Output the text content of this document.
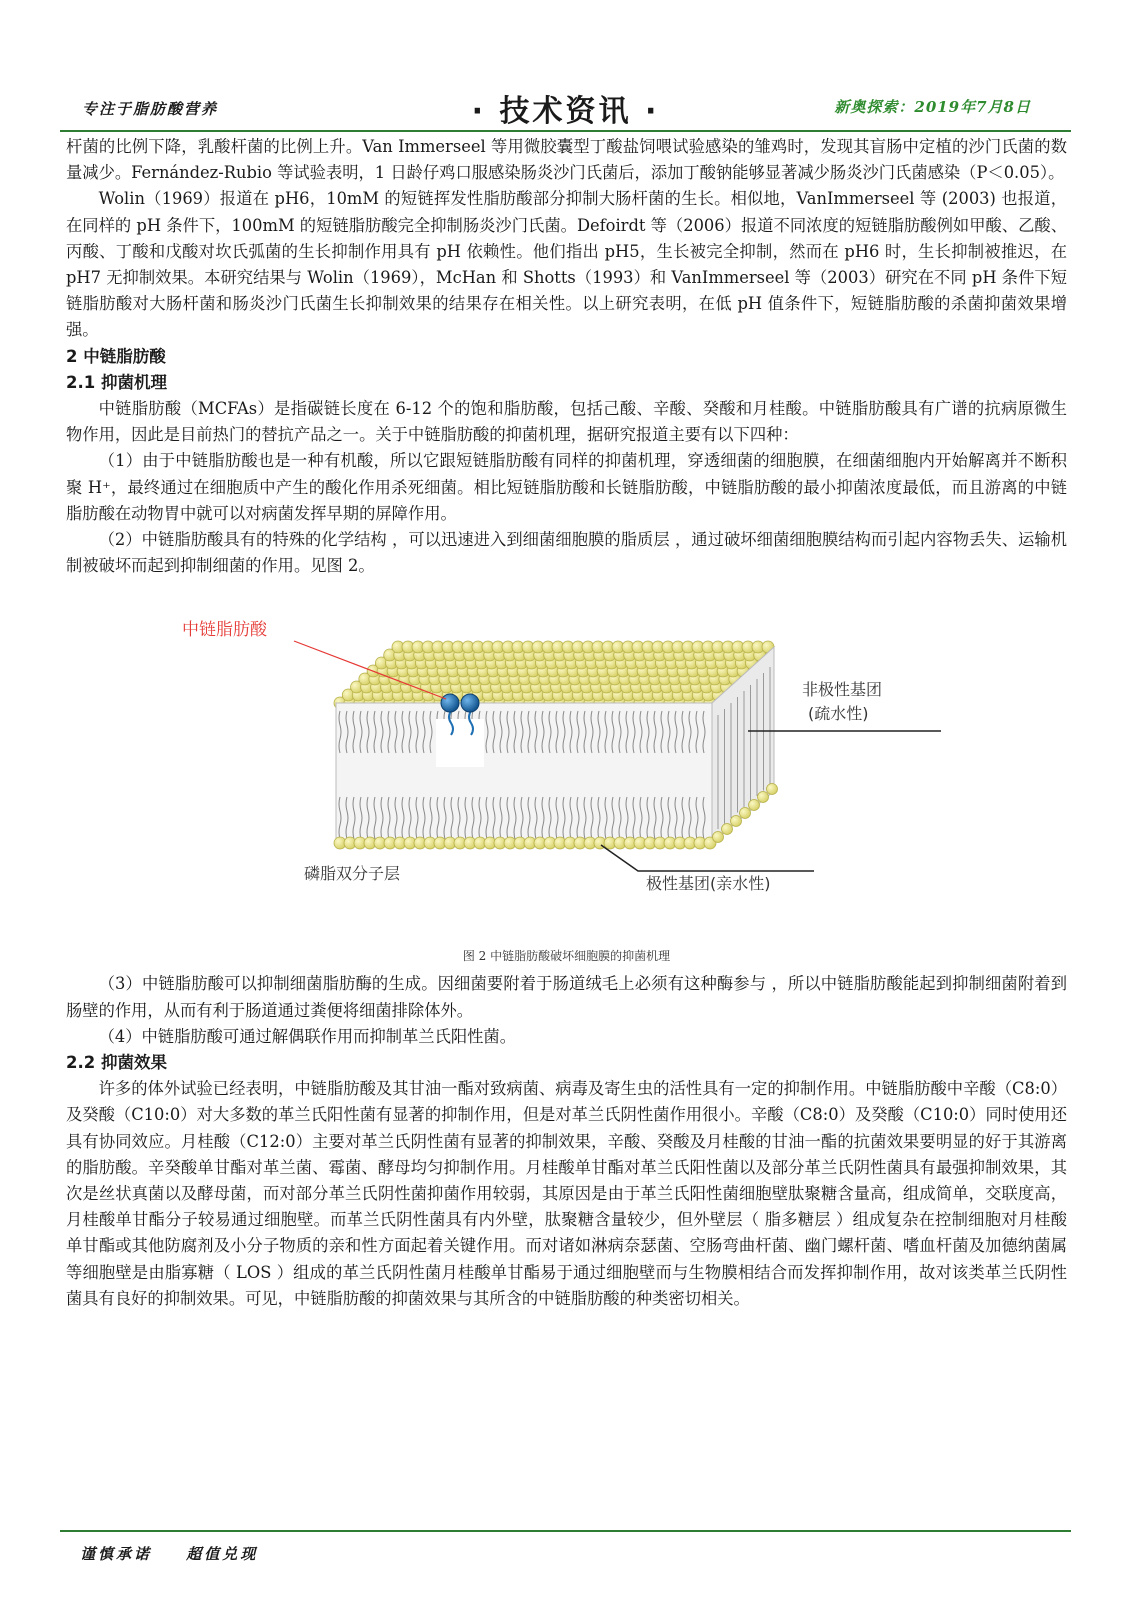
专注于脂肪酸营养	· 技术资讯 ·	新奥探索：2019年7月8日

杆菌的比例下降，乳酸杆菌的比例上升。Van Immerseel 等用微胶囊型丁酸盐饲喂试验感染的雏鸡时，发现其盲肠中定植的沙门氏菌的数量减少。Fernández-Rubio 等试验表明，1 日龄仔鸡口服感染肠炎沙门氏菌后，添加丁酸钠能够显著减少肠炎沙门氏菌感染（P＜0.05）。

Wolin（1969）报道在 pH6，10mM 的短链挥发性脂肪酸部分抑制大肠杆菌的生长。相似地，VanImmerseel 等 (2003) 也报道，在同样的 pH 条件下，100mM 的短链脂肪酸完全抑制肠炎沙门氏菌。Defoirdt 等（2006）报道不同浓度的短链脂肪酸例如甲酸、乙酸、丙酸、丁酸和戊酸对坎氏弧菌的生长抑制作用具有 pH 依赖性。他们指出 pH5，生长被完全抑制，然而在 pH6 时，生长抑制被推迟，在 pH7 无抑制效果。本研究结果与 Wolin（1969），McHan 和 Shotts（1993）和 VanImmerseel 等（2003）研究在不同 pH 条件下短链脂肪酸对大肠杆菌和肠炎沙门氏菌生长抑制效果的结果存在相关性。以上研究表明，在低 pH 值条件下，短链脂肪酸的杀菌抑菌效果增强。

2 中链脂肪酸
2.1 抑菌机理

中链脂肪酸（MCFAs）是指碳链长度在 6-12 个的饱和脂肪酸，包括己酸、辛酸、癸酸和月桂酸。中链脂肪酸具有广谱的抗病原微生物作用，因此是目前热门的替抗产品之一。关于中链脂肪酸的抑菌机理，据研究报道主要有以下四种：

（1）由于中链脂肪酸也是一种有机酸，所以它跟短链脂肪酸有同样的抑菌机理，穿透细菌的细胞膜，在细菌细胞内开始解离并不断积聚 H⁺，最终通过在细胞质中产生的酸化作用杀死细菌。相比短链脂肪酸和长链脂肪酸，中链脂肪酸的最小抑菌浓度最低，而且游离的中链脂肪酸在动物胃中就可以对病菌发挥早期的屏障作用。

（2）中链脂肪酸具有的特殊的化学结构 ，可以迅速进入到细菌细胞膜的脂质层 ，通过破坏细菌细胞膜结构而引起内容物丢失、运输机制被破坏而起到抑制细菌的作用。见图 2。

中链脂肪酸
非极性基团
(疏水性)
磷脂双分子层
极性基团(亲水性)
图 2 中链脂肪酸破坏细胞膜的抑菌机理

（3）中链脂肪酸可以抑制细菌脂肪酶的生成。因细菌要附着于肠道绒毛上必须有这种酶参与 ，所以中链脂肪酸能起到抑制细菌附着到肠壁的作用，从而有利于肠道通过粪便将细菌排除体外。

（4）中链脂肪酸可通过解偶联作用而抑制革兰氏阳性菌。

2.2 抑菌效果

许多的体外试验已经表明，中链脂肪酸及其甘油一酯对致病菌、病毒及寄生虫的活性具有一定的抑制作用。中链脂肪酸中辛酸（C8:0）及癸酸（C10:0）对大多数的革兰氏阳性菌有显著的抑制作用，但是对革兰氏阴性菌作用很小。辛酸（C8:0）及癸酸（C10:0）同时使用还具有协同效应。月桂酸（C12:0）主要对革兰氏阴性菌有显著的抑制效果，辛酸、癸酸及月桂酸的甘油一酯的抗菌效果要明显的好于其游离的脂肪酸。辛癸酸单甘酯对革兰菌、霉菌、酵母均匀抑制作用。月桂酸单甘酯对革兰氏阳性菌以及部分革兰氏阴性菌具有最强抑制效果，其次是丝状真菌以及酵母菌，而对部分革兰氏阴性菌抑菌作用较弱，其原因是由于革兰氏阳性菌细胞壁肽聚糖含量高，组成简单，交联度高，月桂酸单甘酯分子较易通过细胞壁。而革兰氏阴性菌具有内外壁，肽聚糖含量较少，但外壁层（ 脂多糖层 ）组成复杂在控制细胞对月桂酸单甘酯或其他防腐剂及小分子物质的亲和性方面起着关键作用。而对诸如淋病奈瑟菌、空肠弯曲杆菌、幽门螺杆菌、嗜血杆菌及加德纳菌属等细胞壁是由脂寡糖（ LOS ）组成的革兰氏阴性菌月桂酸单甘酯易于通过细胞壁而与生物膜相结合而发挥抑制作用，故对该类革兰氏阴性菌具有良好的抑制效果。可见，中链脂肪酸的抑菌效果与其所含的中链脂肪酸的种类密切相关。

谨慎承诺 超值兑现
